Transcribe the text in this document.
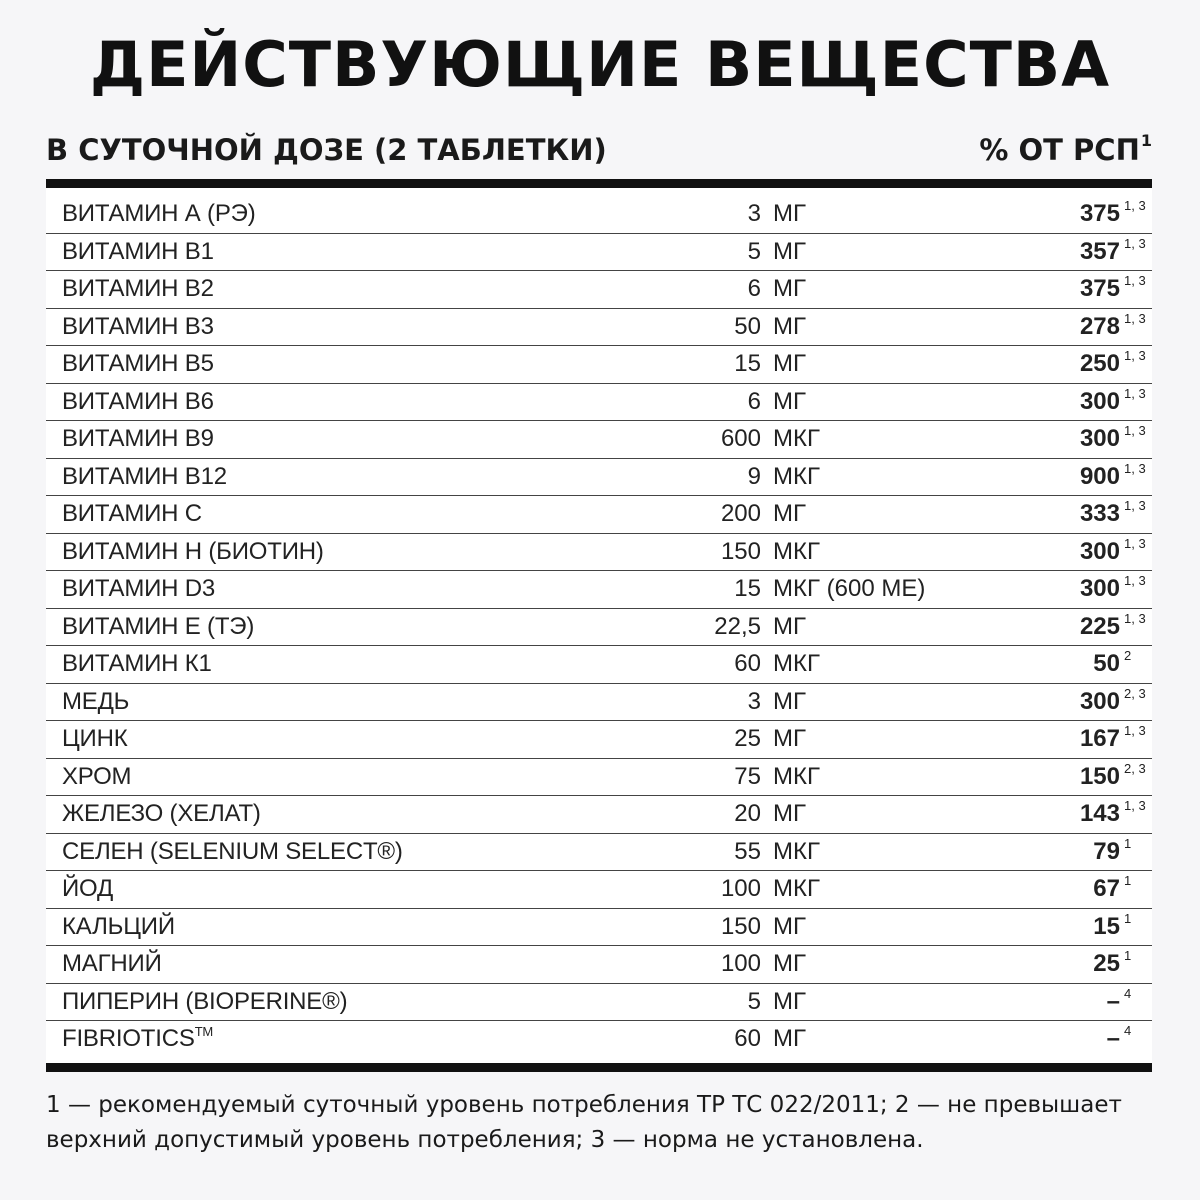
ДЕЙСТВУЮЩИЕ ВЕЩЕСТВА
В СУТОЧНОЙ ДОЗЕ (2 ТАБЛЕТКИ)	% ОТ РСП$^1$
ВИТАМИН А (РЭ)	3 МГ	375 1, 3
ВИТАМИН В1	5 МГ	357 1, 3
ВИТАМИН В2	6 МГ	375 1, 3
ВИТАМИН В3	50 МГ	278 1, 3
ВИТАМИН В5	15 МГ	250 1, 3
ВИТАМИН В6	6 МГ	300 1, 3
ВИТАМИН В9	600 МКГ	300 1, 3
ВИТАМИН В12	9 МКГ	900 1, 3
ВИТАМИН С	200 МГ	333 1, 3
ВИТАМИН Н (БИОТИН)	150 МКГ	300 1, 3
ВИТАМИН D3	15 МКГ (600 МЕ)	300 1, 3
ВИТАМИН Е (ТЭ)	22,5 МГ	225 1, 3
ВИТАМИН К1	60 МКГ	50 2
МЕДЬ	3 МГ	300 2, 3
ЦИНК	25 МГ	167 1, 3
ХРОМ	75 МКГ	150 2, 3
ЖЕЛЕЗО (ХЕЛАТ)	20 МГ	143 1, 3
СЕЛЕН (SELENIUM SELECT®)	55 МКГ	79 1
ЙОД	100 МКГ	67 1
КАЛЬЦИЙ	150 МГ	15 1
МАГНИЙ	100 МГ	25 1
ПИПЕРИН (BIOPERINE®)	5 МГ	– 4
FIBRIOTICS™	60 МГ	– 4
1 — рекомендуемый суточный уровень потребления ТР ТС 022/2011; 2 — не превышает верхний допустимый уровень потребления; 3 — норма не установлена.
